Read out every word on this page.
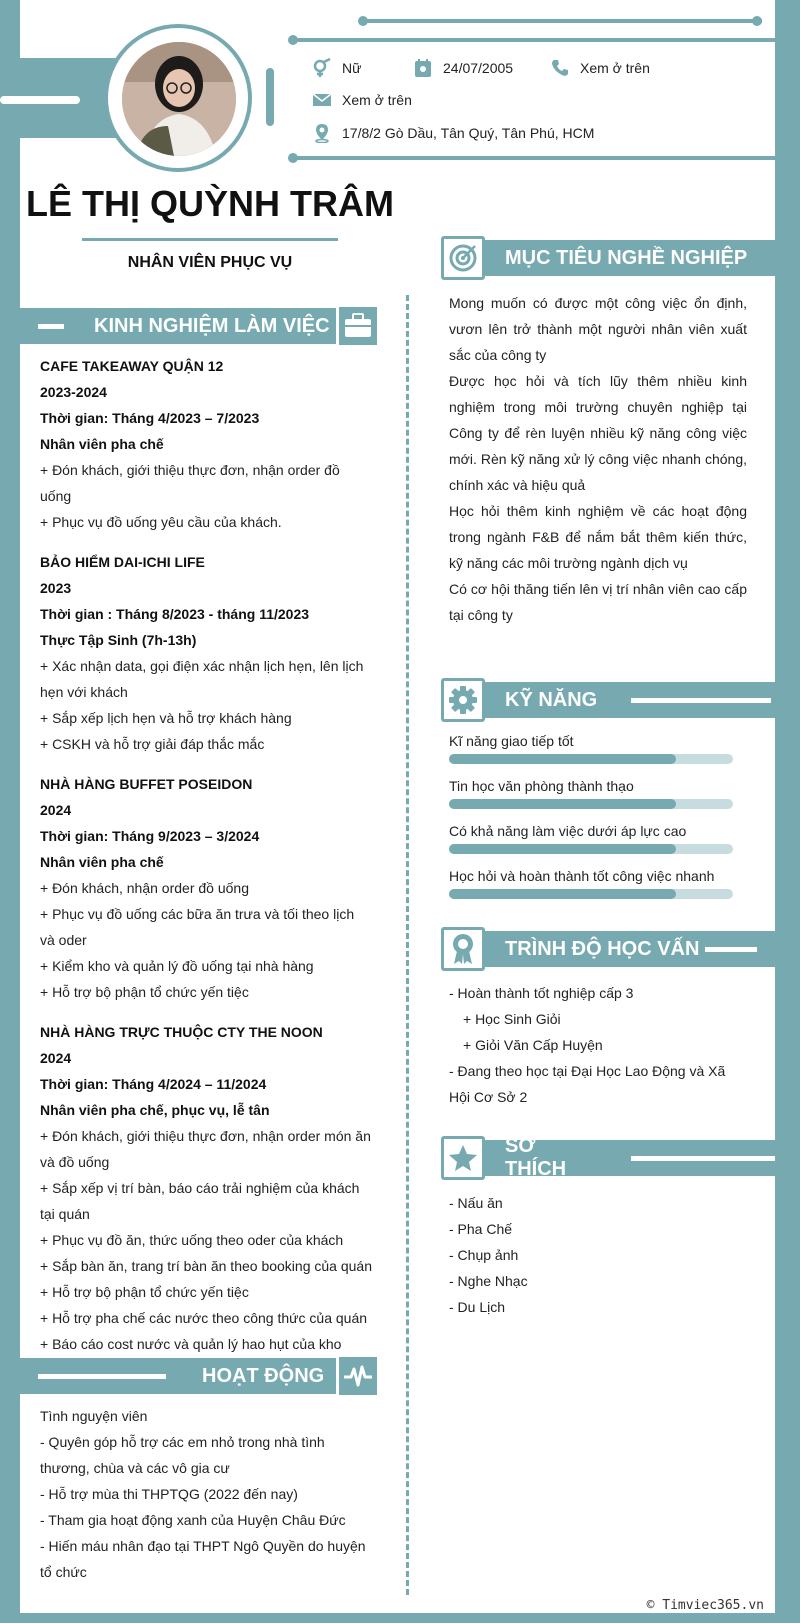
Nữ	24/07/2005	Xem ở trên
Xem ở trên
17/8/2 Gò Dầu, Tân Quý, Tân Phú, HCM
LÊ THỊ QUỲNH TRÂM
NHÂN VIÊN PHỤC VỤ
KINH NGHIỆM LÀM VIỆC
CAFE TAKEAWAY QUẬN 12
2023-2024
Thời gian: Tháng 4/2023 – 7/2023
Nhân viên pha chế
+ Đón khách, giới thiệu thực đơn, nhận order đồ uống
+ Phục vụ đồ uống yêu cầu của khách.
BẢO HIỂM DAI-ICHI LIFE
2023
Thời gian : Tháng 8/2023 - tháng 11/2023
Thực Tập Sinh (7h-13h)
+ Xác nhận data, gọi điện xác nhận lịch hẹn, lên lịch hẹn với khách
+ Sắp xếp lịch hẹn và hỗ trợ khách hàng
+ CSKH và hỗ trợ giải đáp thắc mắc
NHÀ HÀNG BUFFET POSEIDON
2024
Thời gian: Tháng 9/2023 – 3/2024
Nhân viên pha chế
+ Đón khách, nhận order đồ uống
+ Phục vụ đồ uống các bữa ăn trưa và tối theo lịch và oder
+ Kiểm kho và quản lý đồ uống tại nhà hàng
+ Hỗ trợ bộ phận tổ chức yến tiệc
NHÀ HÀNG TRỰC THUỘC CTY THE NOON
2024
Thời gian: Tháng 4/2024 – 11/2024
Nhân viên pha chế, phục vụ, lễ tân
+ Đón khách, giới thiệu thực đơn, nhận order món ăn và đồ uống
+ Sắp xếp vị trí bàn, báo cáo trải nghiệm của khách tại quán
+ Phục vụ đồ ăn, thức uống theo oder của khách
+ Sắp bàn ăn, trang trí bàn ăn theo booking của quán
+ Hỗ trợ bộ phận tổ chức yến tiệc
+ Hỗ trợ pha chế các nước theo công thức của quán
+ Báo cáo cost nước và quản lý hao hụt của kho
HOẠT ĐỘNG
Tình nguyện viên
- Quyên góp hỗ trợ các em nhỏ trong nhà tình thương, chùa và các vô gia cư
- Hỗ trợ mùa thi THPTQG (2022 đến nay)
- Tham gia hoạt động xanh của Huyện Châu Đức
- Hiến máu nhân đạo tại THPT Ngô Quyền do huyện tổ chức
MỤC TIÊU NGHỀ NGHIỆP
Mong muốn có được một công việc ổn định, vươn lên trở thành một người nhân viên xuất sắc của công ty
Được học hỏi và tích lũy thêm nhiều kinh nghiệm trong môi trường chuyên nghiệp tại Công ty để rèn luyện nhiều kỹ năng công việc mới. Rèn kỹ năng xử lý công việc nhanh chóng, chính xác và hiệu quả
Học hỏi thêm kinh nghiệm về các hoạt động trong ngành F&B để nắm bắt thêm kiến thức, kỹ năng các môi trường ngành dịch vụ
Có cơ hội thăng tiến lên vị trí nhân viên cao cấp tại công ty
KỸ NĂNG
Kĩ năng giao tiếp tốt
Tin học văn phòng thành thạo
Có khả năng làm việc dưới áp lực cao
Học hỏi và hoàn thành tốt công việc nhanh
TRÌNH ĐỘ HỌC VẤN
- Hoàn thành tốt nghiệp cấp 3
+ Học Sinh Giỏi
+ Giỏi Văn Cấp Huyện
- Đang theo học tại Đại Học Lao Động và Xã Hội Cơ Sở 2
SỞ THÍCH
- Nấu ăn
- Pha Chế
- Chụp ảnh
- Nghe Nhạc
- Du Lịch
© Timviec365.vn
